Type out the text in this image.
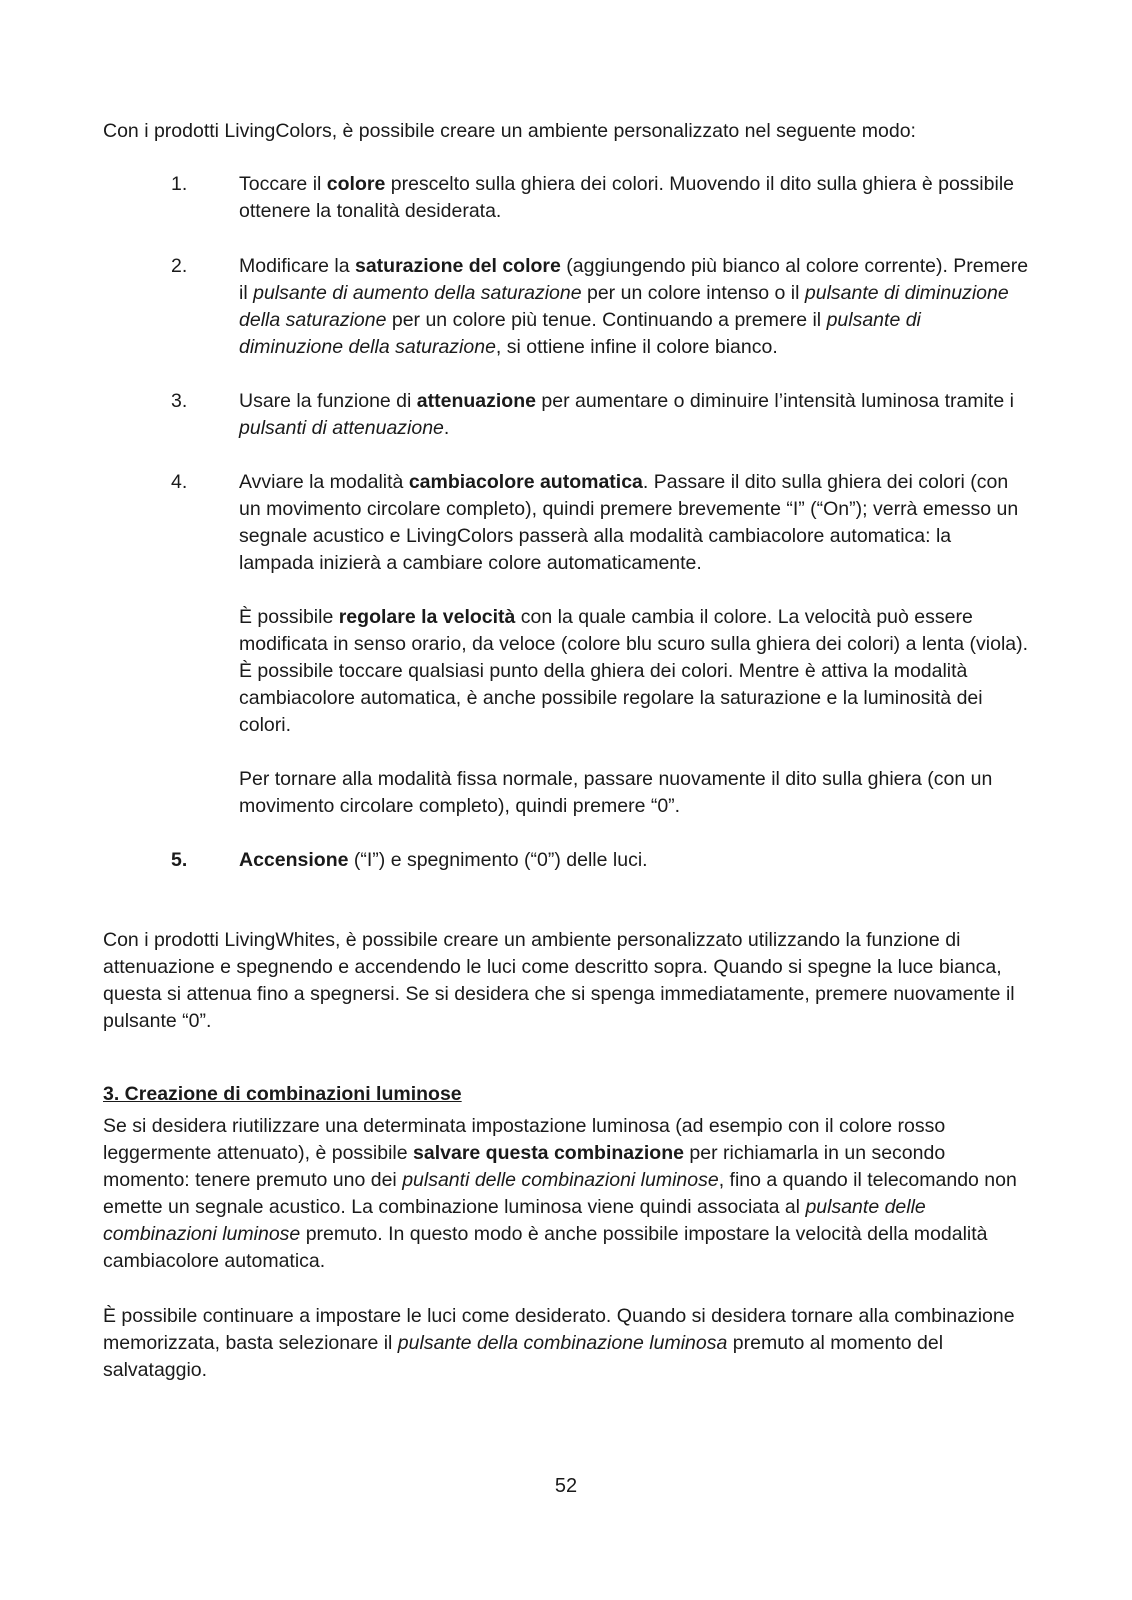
Con i prodotti LivingColors, è possibile creare un ambiente personalizzato nel seguente modo:

1.	Toccare il colore prescelto sulla ghiera dei colori. Muovendo il dito sulla ghiera è possibile ottenere la tonalità desiderata.
2.	Modificare la saturazione del colore (aggiungendo più bianco al colore corrente). Premere il pulsante di aumento della saturazione per un colore intenso o il pulsante di diminuzione della saturazione per un colore più tenue. Continuando a premere il pulsante di diminuzione della saturazione, si ottiene infine il colore bianco.
3.	Usare la funzione di attenuazione per aumentare o diminuire l’intensità luminosa tramite i pulsanti di attenuazione.
4.	Avviare la modalità cambiacolore automatica. Passare il dito sulla ghiera dei colori (con un movimento circolare completo), quindi premere brevemente “I” (“On”); verrà emesso un segnale acustico e LivingColors passerà alla modalità cambiacolore automatica: la lampada inizierà a cambiare colore automaticamente.
È possibile regolare la velocità con la quale cambia il colore. La velocità può essere modificata in senso orario, da veloce (colore blu scuro sulla ghiera dei colori) a lenta (viola). È possibile toccare qualsiasi punto della ghiera dei colori. Mentre è attiva la modalità cambiacolore automatica, è anche possibile regolare la saturazione e la luminosità dei colori.
Per tornare alla modalità fissa normale, passare nuovamente il dito sulla ghiera (con un movimento circolare completo), quindi premere “0”.
5.	Accensione (“I”) e spegnimento (“0”) delle luci.

Con i prodotti LivingWhites, è possibile creare un ambiente personalizzato utilizzando la funzione di attenuazione e spegnendo e accendendo le luci come descritto sopra. Quando si spegne la luce bianca, questa si attenua fino a spegnersi. Se si desidera che si spenga immediatamente, premere nuovamente il pulsante “0”.

3. Creazione di combinazioni luminose

Se si desidera riutilizzare una determinata impostazione luminosa (ad esempio con il colore rosso leggermente attenuato), è possibile salvare questa combinazione per richiamarla in un secondo momento: tenere premuto uno dei pulsanti delle combinazioni luminose, fino a quando il telecomando non emette un segnale acustico. La combinazione luminosa viene quindi associata al pulsante delle combinazioni luminose premuto. In questo modo è anche possibile impostare la velocità della modalità cambiacolore automatica.

È possibile continuare a impostare le luci come desiderato. Quando si desidera tornare alla combinazione memorizzata, basta selezionare il pulsante della combinazione luminosa premuto al momento del salvataggio.

52
